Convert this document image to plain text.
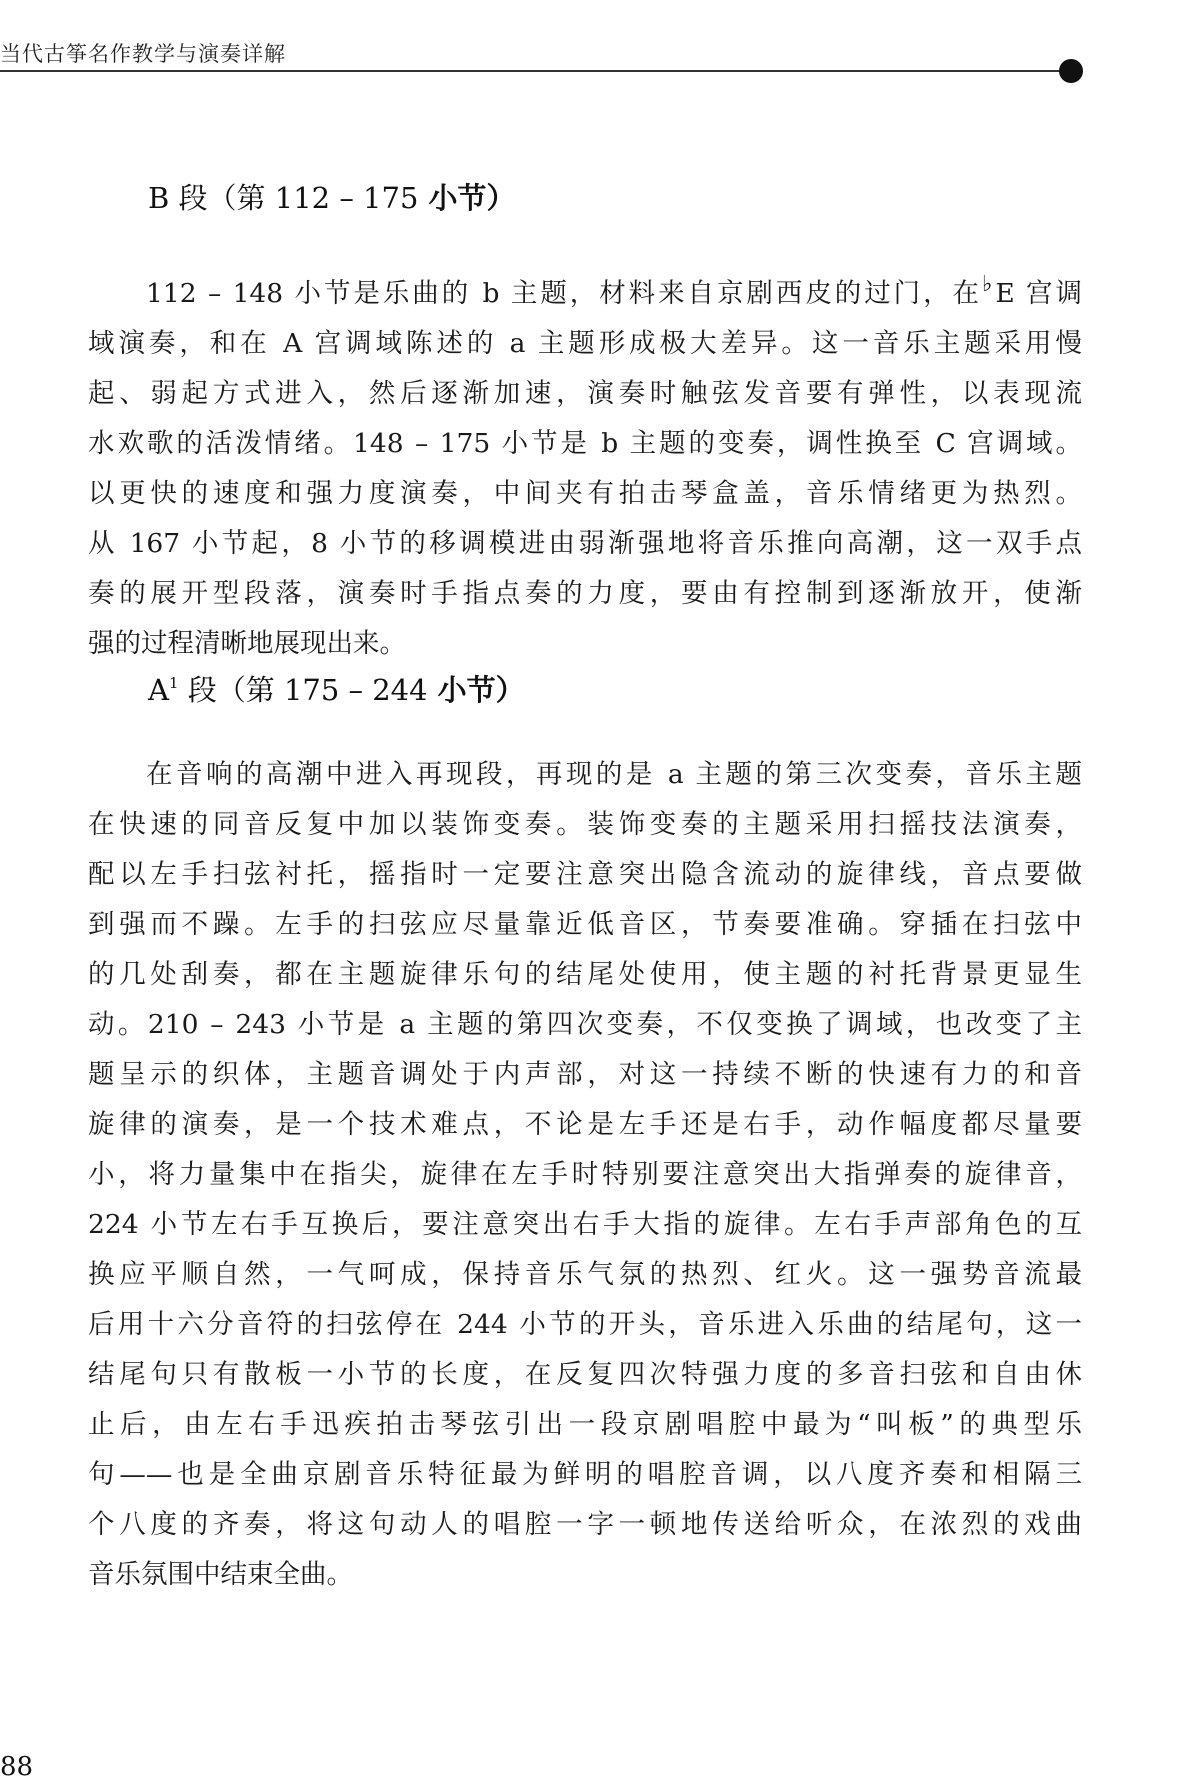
当代古筝名作教学与演奏详解
B 段（第 112 – 175 小节）
112 – 148 小节是乐曲的 b 主题，材料来自京剧西皮的过门，在♭E 宫调
域演奏，和在 A 宫调域陈述的 a 主题形成极大差异。这一音乐主题采用慢
起、弱起方式进入，然后逐渐加速，演奏时触弦发音要有弹性，以表现流
水欢歌的活泼情绪。148 – 175 小节是 b 主题的变奏，调性换至 C 宫调域。
以更快的速度和强力度演奏，中间夹有拍击琴盒盖，音乐情绪更为热烈。
从 167 小节起，8 小节的移调模进由弱渐强地将音乐推向高潮，这一双手点
奏的展开型段落，演奏时手指点奏的力度，要由有控制到逐渐放开，使渐
强的过程清晰地展现出来。
$A^1$ 段（第 175 – 244 小节）
在音响的高潮中进入再现段，再现的是 a 主题的第三次变奏，音乐主题
在快速的同音反复中加以装饰变奏。装饰变奏的主题采用扫摇技法演奏，
配以左手扫弦衬托，摇指时一定要注意突出隐含流动的旋律线，音点要做
到强而不躁。左手的扫弦应尽量靠近低音区，节奏要准确。穿插在扫弦中
的几处刮奏，都在主题旋律乐句的结尾处使用，使主题的衬托背景更显生
动。210 – 243 小节是 a 主题的第四次变奏，不仅变换了调域，也改变了主
题呈示的织体，主题音调处于内声部，对这一持续不断的快速有力的和音
旋律的演奏，是一个技术难点，不论是左手还是右手，动作幅度都尽量要
小，将力量集中在指尖，旋律在左手时特别要注意突出大指弹奏的旋律音，
224 小节左右手互换后，要注意突出右手大指的旋律。左右手声部角色的互
换应平顺自然，一气呵成，保持音乐气氛的热烈、红火。这一强势音流最
后用十六分音符的扫弦停在 244 小节的开头，音乐进入乐曲的结尾句，这一
结尾句只有散板一小节的长度，在反复四次特强力度的多音扫弦和自由休
止后，由左右手迅疾拍击琴弦引出一段京剧唱腔中最为“叫板”的典型乐
句——也是全曲京剧音乐特征最为鲜明的唱腔音调，以八度齐奏和相隔三
个八度的齐奏，将这句动人的唱腔一字一顿地传送给听众，在浓烈的戏曲
音乐氛围中结束全曲。
88
